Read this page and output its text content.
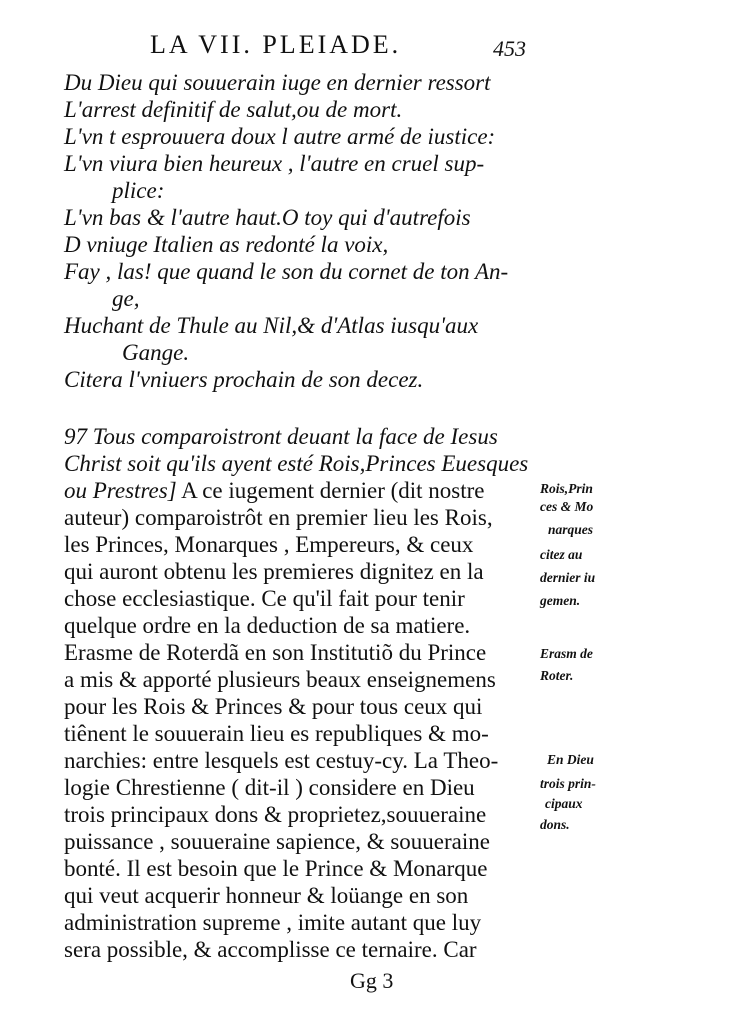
LA VII. PLEIADE.	453
Du Dieu qui souuerain iuge en dernier ressort
L'arrest definitif de salut,ou de mort.
L'vn t esprouuera doux l autre armé de iustice:
L'vn viura bien heureux , l'autre en cruel sup-
plice:
L'vn bas & l'autre haut.O toy qui d'autrefois
D vniuge Italien as redonté la voix,
Fay , las! que quand le son du cornet de ton An-
ge,
Huchant de Thule au Nil,& d'Atlas iusqu'aux
Gange.
Citera l'vniuers prochain de son decez.
97 Tous comparoistront deuant la face de Iesus
Christ soit qu'ils ayent esté Rois,Princes Euesques
ou Prestres] A ce iugement dernier (dit nostre
auteur) comparoistrôt en premier lieu les Rois,
les Princes, Monarques , Empereurs, & ceux
qui auront obtenu les premieres dignitez en la
chose ecclesiastique. Ce qu'il fait pour tenir
quelque ordre en la deduction de sa matiere.
Erasme de Roterdã en son Institutiõ du Prince
a mis & apporté plusieurs beaux enseignemens
pour les Rois & Princes & pour tous ceux qui
tiênent le souuerain lieu es republiques & mo-
narchies: entre lesquels est cestuy-cy. La Theo-
logie Chrestienne ( dit-il ) considere en Dieu
trois principaux dons & proprietez,souueraine
puissance , souueraine sapience, & souueraine
bonté. Il est besoin que le Prince & Monarque
qui veut acquerir honneur & loüange en son
administration supreme , imite autant que luy
sera possible, & accomplisse ce ternaire. Car
Rois,Prin
ces & Mo
narques
citez au
dernier iu
gemen.
Erasm de
Roter.
En Dieu
trois prin-
cipaux
dons.
Gg 3
